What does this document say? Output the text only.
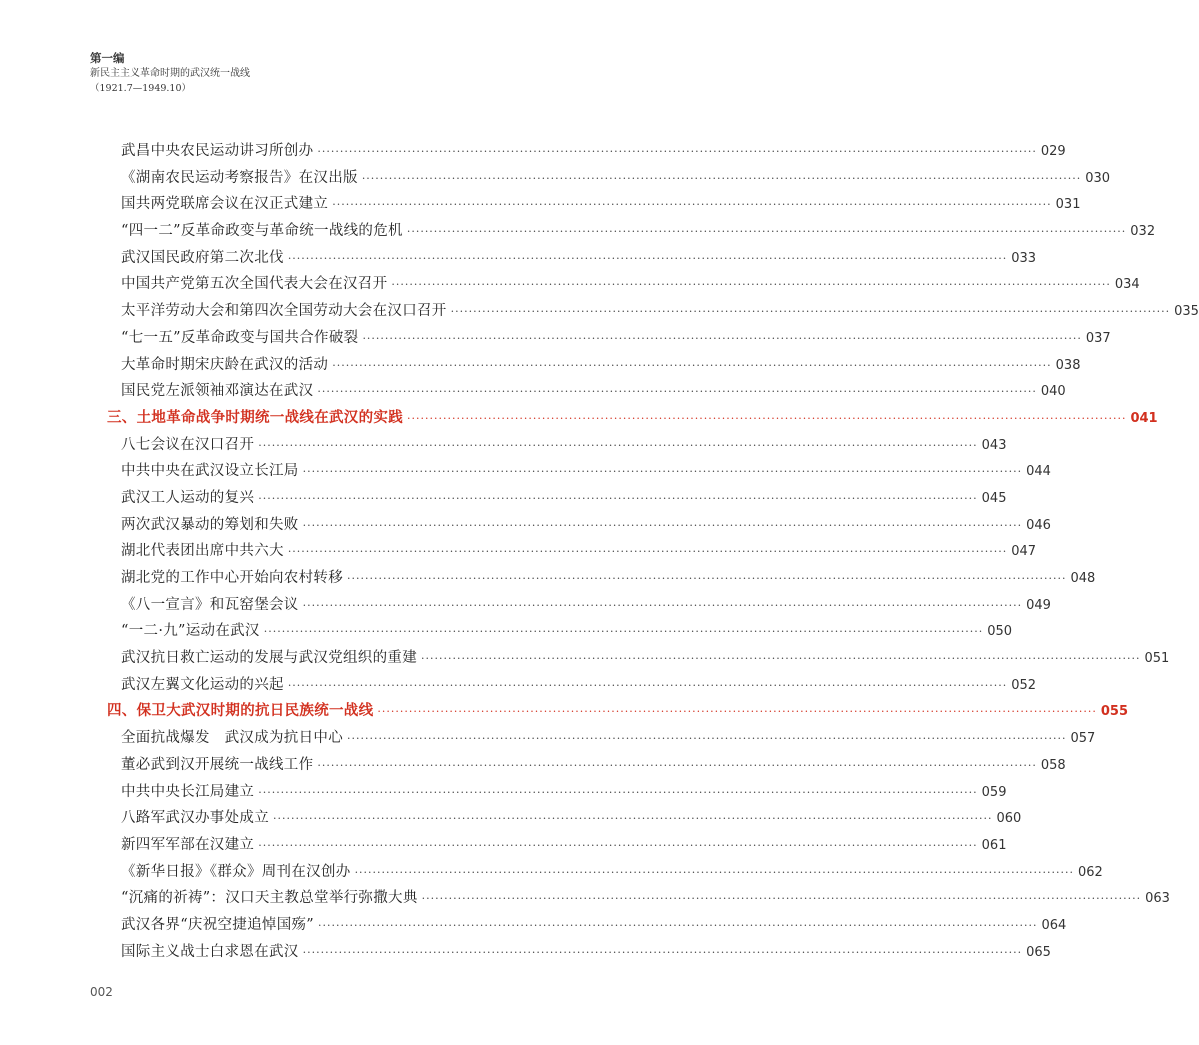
第一编
新民主主义革命时期的武汉统一战线
（1921.7—1949.10）
武昌中央农民运动讲习所创办 ································································································································································ 029
《湖南农民运动考察报告》在汉出版 ································································································································································ 030
国共两党联席会议在汉正式建立 ································································································································································ 031
“四一二”反革命政变与革命统一战线的危机 ································································································································································ 032
武汉国民政府第二次北伐 ································································································································································ 033
中国共产党第五次全国代表大会在汉召开 ································································································································································ 034
太平洋劳动大会和第四次全国劳动大会在汉口召开 ································································································································································ 035
“七一五”反革命政变与国共合作破裂 ································································································································································ 037
大革命时期宋庆龄在武汉的活动 ································································································································································ 038
国民党左派领袖邓演达在武汉 ································································································································································ 040
三、土地革命战争时期统一战线在武汉的实践 ································································································································································ 041
八七会议在汉口召开 ································································································································································ 043
中共中央在武汉设立长江局 ································································································································································ 044
武汉工人运动的复兴 ································································································································································ 045
两次武汉暴动的筹划和失败 ································································································································································ 046
湖北代表团出席中共六大 ································································································································································ 047
湖北党的工作中心开始向农村转移 ································································································································································ 048
《八一宣言》和瓦窑堡会议 ································································································································································ 049
“一二·九”运动在武汉 ································································································································································ 050
武汉抗日救亡运动的发展与武汉党组织的重建 ································································································································································ 051
武汉左翼文化运动的兴起 ································································································································································ 052
四、保卫大武汉时期的抗日民族统一战线 ································································································································································ 055
全面抗战爆发　武汉成为抗日中心 ································································································································································ 057
董必武到汉开展统一战线工作 ································································································································································ 058
中共中央长江局建立 ································································································································································ 059
八路军武汉办事处成立 ································································································································································ 060
新四军军部在汉建立 ································································································································································ 061
《新华日报》《群众》周刊在汉创办 ································································································································································ 062
“沉痛的祈祷”：汉口天主教总堂举行弥撒大典 ································································································································································ 063
武汉各界“庆祝空捷追悼国殇” ································································································································································ 064
国际主义战士白求恩在武汉 ································································································································································ 065
002
